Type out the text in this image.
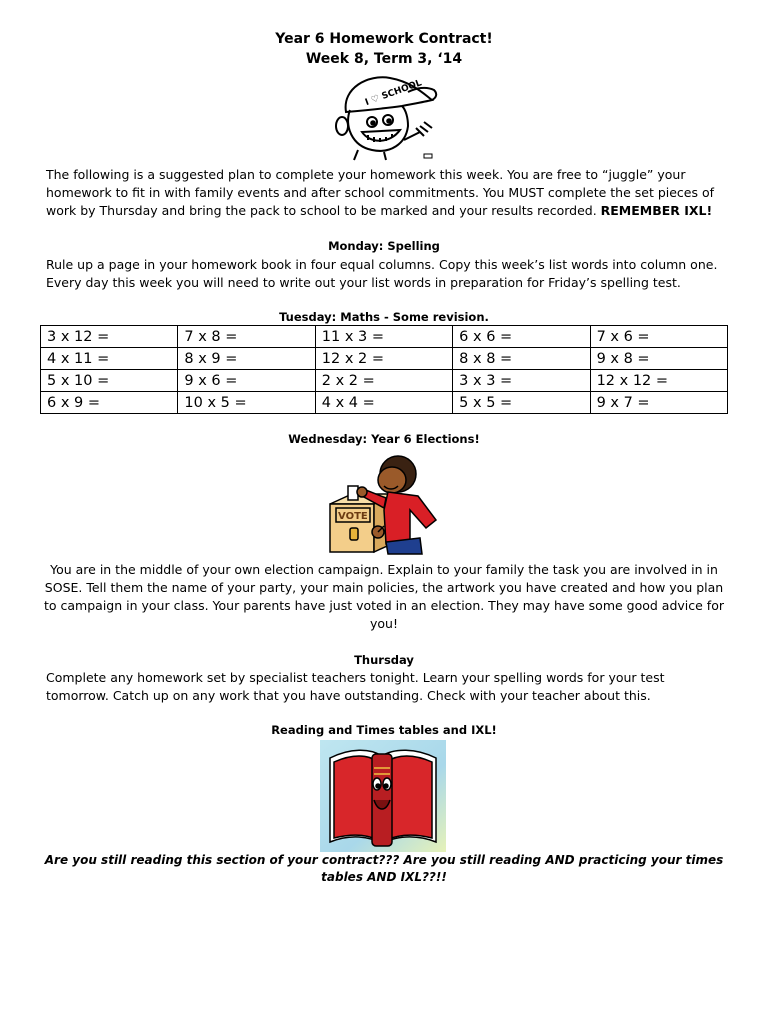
Year 6 Homework Contract!
Week 8, Term 3, ‘14
I ♡ SCHOOL
The following is a suggested plan to complete your homework this week. You are free to “juggle” your homework to fit in with family events and after school commitments. You MUST complete the set pieces of work by Thursday and bring the pack to school to be marked and your results recorded. REMEMBER IXL!
Monday: Spelling
Rule up a page in your homework book in four equal columns. Copy this week’s list words into column one. Every day this week you will need to write out your list words in preparation for Friday’s spelling test.
Tuesday: Maths - Some revision.
3 x 12 =	7 x 8 =	11 x 3 =	6 x 6 =	7 x 6 =
4 x 11 =	8 x 9 =	12 x 2 =	8 x 8 =	9 x 8 =
5 x 10 =	9 x 6 =	2 x 2 =	3 x 3 =	12 x 12 =
6 x 9 =	10 x 5 =	4 x 4 =	5 x 5 =	9 x 7 =
Wednesday: Year 6 Elections!
VOTE
You are in the middle of your own election campaign. Explain to your family the task you are involved in in SOSE. Tell them the name of your party, your main policies, the artwork you have created and how you plan to campaign in your class. Your parents have just voted in an election. They may have some good advice for you!
Thursday
Complete any homework set by specialist teachers tonight. Learn your spelling words for your test tomorrow. Catch up on any work that you have outstanding. Check with your teacher about this.
Reading and Times tables and IXL!
Are you still reading this section of your contract??? Are you still reading AND practicing your times tables AND IXL??!!
